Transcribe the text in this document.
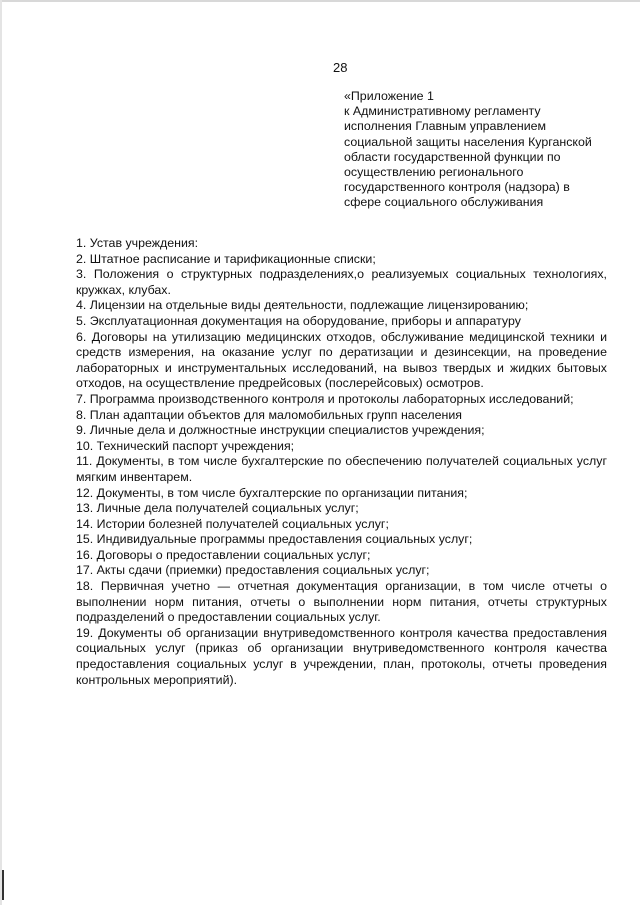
28
«Приложение 1
к Административному регламенту
исполнения Главным управлением
социальной защиты населения Курганской
области государственной функции по
осуществлению регионального
государственного контроля (надзора) в
сфере социального обслуживания

1. Устав учреждения:

2. Штатное расписание и тарификационные списки;

3. Положения о структурных подразделениях,о реализуемых социальных технологиях, кружках, клубах.

4. Лицензии на отдельные виды деятельности, подлежащие лицензированию;

5. Эксплуатационная документация на оборудование, приборы и аппаратуру

6. Договоры на утилизацию медицинских отходов, обслуживание медицинской техники и средств измерения, на оказание услуг по дератизации и дезинсекции, на проведение лабораторных и инструментальных исследований, на вывоз твердых и жидких бытовых отходов, на осуществление предрейсовых (послерейсовых) осмотров.

7. Программа производственного контроля и протоколы лабораторных исследований;

8. План адаптации объектов для маломобильных групп населения

9. Личные дела и должностные инструкции специалистов учреждения;

10. Технический паспорт учреждения;

11. Документы, в том числе бухгалтерские по обеспечению получателей социальных услуг мягким инвентарем.

12. Документы, в том числе бухгалтерские по организации питания;

13. Личные дела получателей социальных услуг;

14. Истории болезней получателей социальных услуг;

15. Индивидуальные программы предоставления социальных услуг;

16. Договоры о предоставлении социальных услуг;

17. Акты сдачи (приемки) предоставления социальных услуг;

18. Первичная учетно — отчетная документация организации, в том числе отчеты о выполнении норм питания, отчеты о выполнении норм питания, отчеты структурных подразделений о предоставлении социальных услуг.

19. Документы об организации внутриведомственного контроля качества предоставления социальных услуг (приказ об организации внутриведомственного контроля качества предоставления социальных услуг в учреждении, план, протоколы, отчеты проведения контрольных мероприятий).
